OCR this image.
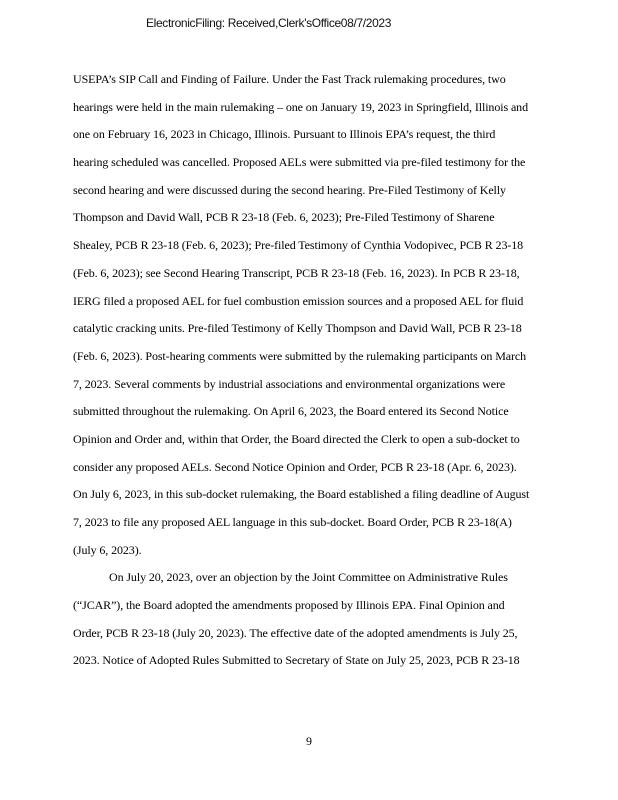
ElectronicFiling: Received,Clerk'sOffice08/7/2023
USEPA’s SIP Call and Finding of Failure. Under the Fast Track rulemaking procedures, two
hearings were held in the main rulemaking – one on January 19, 2023 in Springfield, Illinois and
one on February 16, 2023 in Chicago, Illinois. Pursuant to Illinois EPA’s request, the third
hearing scheduled was cancelled. Proposed AELs were submitted via pre-filed testimony for the
second hearing and were discussed during the second hearing. Pre-Filed Testimony of Kelly
Thompson and David Wall, PCB R 23-18 (Feb. 6, 2023); Pre-Filed Testimony of Sharene
Shealey, PCB R 23-18 (Feb. 6, 2023); Pre-filed Testimony of Cynthia Vodopivec, PCB R 23-18
(Feb. 6, 2023); see Second Hearing Transcript, PCB R 23-18 (Feb. 16, 2023). In PCB R 23-18,
IERG filed a proposed AEL for fuel combustion emission sources and a proposed AEL for fluid
catalytic cracking units. Pre-filed Testimony of Kelly Thompson and David Wall, PCB R 23-18
(Feb. 6, 2023). Post-hearing comments were submitted by the rulemaking participants on March
7, 2023. Several comments by industrial associations and environmental organizations were
submitted throughout the rulemaking. On April 6, 2023, the Board entered its Second Notice
Opinion and Order and, within that Order, the Board directed the Clerk to open a sub-docket to
consider any proposed AELs. Second Notice Opinion and Order, PCB R 23-18 (Apr. 6, 2023).
On July 6, 2023, in this sub-docket rulemaking, the Board established a filing deadline of August
7, 2023 to file any proposed AEL language in this sub-docket. Board Order, PCB R 23-18(A)
(July 6, 2023).
On July 20, 2023, over an objection by the Joint Committee on Administrative Rules
(“JCAR”), the Board adopted the amendments proposed by Illinois EPA. Final Opinion and
Order, PCB R 23-18 (July 20, 2023). The effective date of the adopted amendments is July 25,
2023. Notice of Adopted Rules Submitted to Secretary of State on July 25, 2023, PCB R 23-18
9
